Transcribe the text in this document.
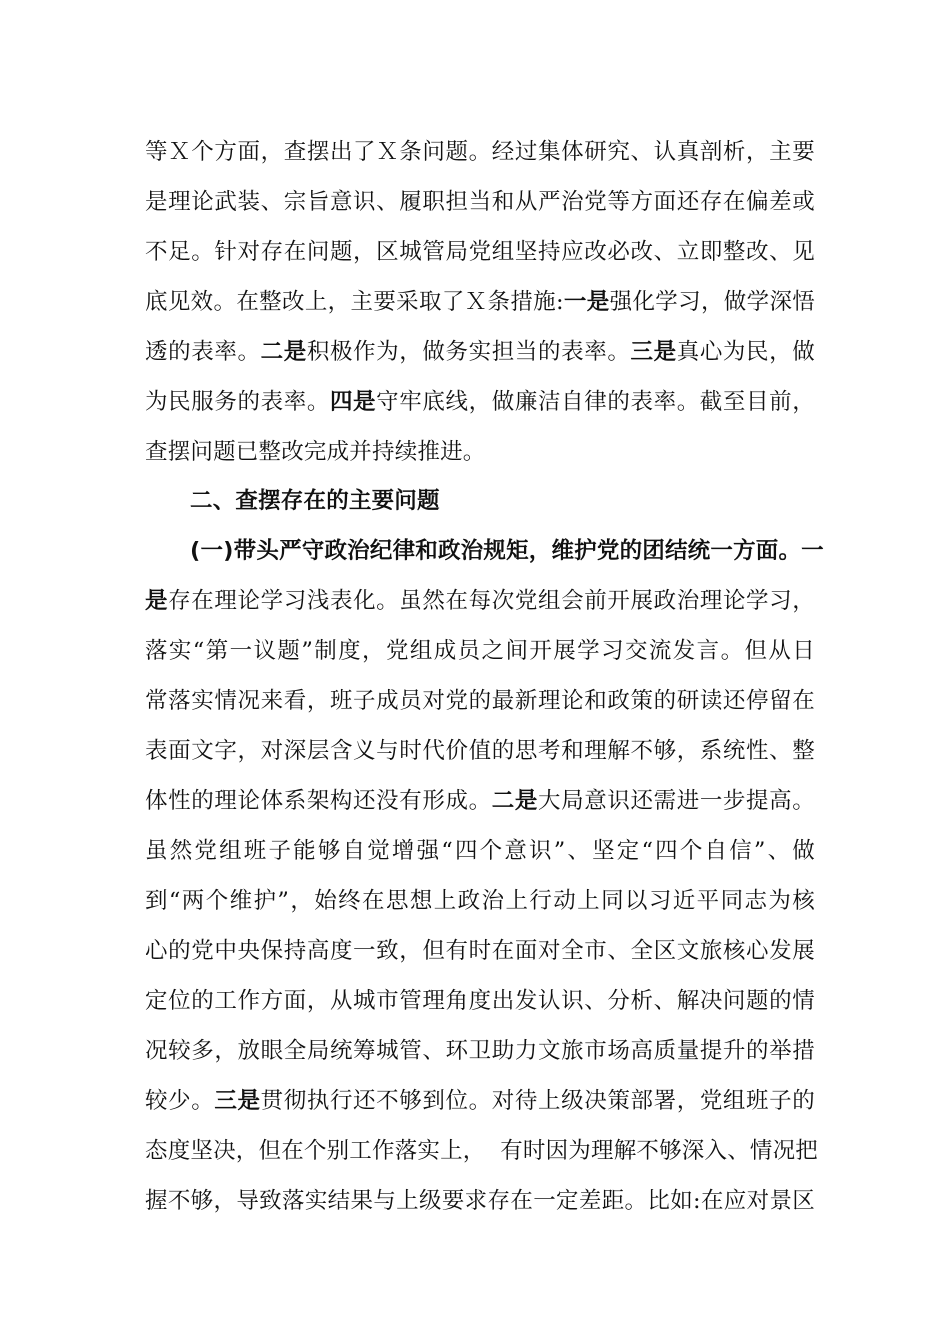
等Ｘ个方面，查摆出了Ｘ条问题。经过集体研究、认真剖析，主要
是理论武装、宗旨意识、履职担当和从严治党等方面还存在偏差或
不足。针对存在问题，区城管局党组坚持应改必改、立即整改、见
底见效。在整改上，主要采取了Ｘ条措施:一是强化学习，做学深悟
透的表率。二是积极作为，做务实担当的表率。三是真心为民，做
为民服务的表率。四是守牢底线，做廉洁自律的表率。截至目前，
查摆问题已整改完成并持续推进。
二、查摆存在的主要问题
(一)带头严守政治纪律和政治规矩，维护党的团结统一方面。一
是存在理论学习浅表化。虽然在每次党组会前开展政治理论学习，
落实“第一议题”制度，党组成员之间开展学习交流发言。但从日
常落实情况来看，班子成员对党的最新理论和政策的研读还停留在
表面文字，对深层含义与时代价值的思考和理解不够，系统性、整
体性的理论体系架构还没有形成。二是大局意识还需进一步提高。
虽然党组班子能够自觉增强“四个意识”、坚定“四个自信”、做
到“两个维护”，始终在思想上政治上行动上同以习近平同志为核
心的党中央保持高度一致，但有时在面对全市、全区文旅核心发展
定位的工作方面，从城市管理角度出发认识、分析、解决问题的情
况较多，放眼全局统筹城管、环卫助力文旅市场高质量提升的举措
较少。三是贯彻执行还不够到位。对待上级决策部署，党组班子的
态度坚决，但在个别工作落实上，  有时因为理解不够深入、情况把
握不够，导致落实结果与上级要求存在一定差距。比如:在应对景区
